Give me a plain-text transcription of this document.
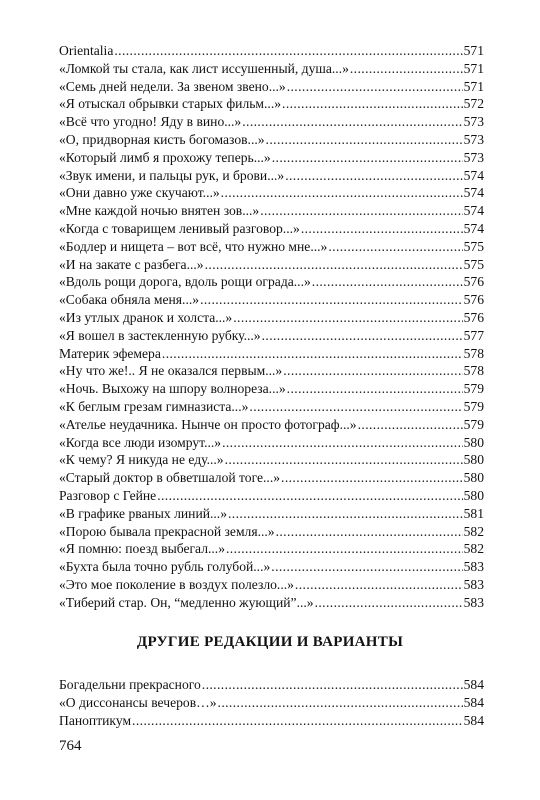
Orientalia .....	571
«Ломкой ты стала, как лист иссушенный, душа...» .....	571
«Семь дней недели. За звеном звено...» .....	571
«Я отыскал обрывки старых фильм...» .....	572
«Всё что угодно! Яду в вино...» .....	573
«О, придворная кисть богомазов...» .....	573
«Который лимб я прохожу теперь...» .....	573
«Звук имени, и пальцы рук, и брови...» .....	574
«Они давно уже скучают...» .....	574
«Мне каждой ночью внятен зов...» .....	574
«Когда с товарищем ленивый разговор...» .....	574
«Бодлер и нищета – вот всё, что нужно мне...» .....	575
«И на закате с разбега...» .....	575
«Вдоль рощи дорога, вдоль рощи ограда...» .....	576
«Собака обняла меня...» .....	576
«Из утлых дранок и холста...» .....	576
«Я вошел в застекленную рубку...» .....	577
Материк эфемера .....	578
«Ну что же!.. Я не оказался первым...» .....	578
«Ночь. Выхожу на шпору волнореза...» .....	579
«К беглым грезам гимназиста...» .....	579
«Ателье неудачника. Нынче он просто фотограф...» .....	579
«Когда все люди изомрут...» .....	580
«К чему? Я никуда не еду...» .....	580
«Старый доктор в обветшалой тоге...» .....	580
Разговор с Гейне .....	580
«В графике рваных линий...» .....	581
«Порою бывала прекрасной земля...» .....	582
«Я помню: поезд выбегал...» .....	582
«Бухта была точно рубль голубой...» .....	583
«Это мое поколение в воздух полезло...» .....	583
«Тиберий стар. Он, “медленно жующий”...» .....	583
ДРУГИЕ РЕДАКЦИИ И ВАРИАНТЫ
Богадельни прекрасного .....	584
«О диссонансы вечеров…» .....	584
Паноптикум .....	584
764
